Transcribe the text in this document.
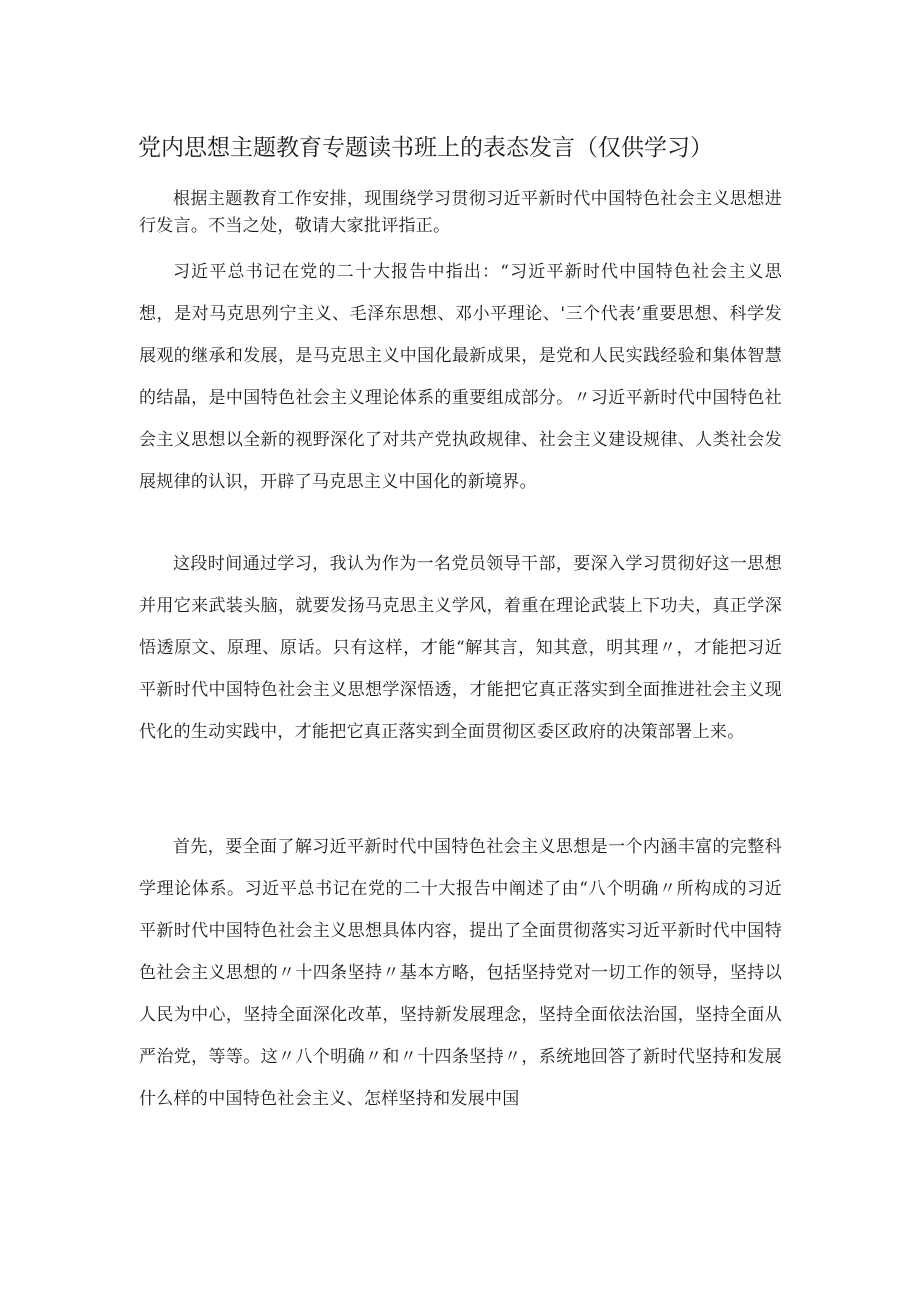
党内思想主题教育专题读书班上的表态发言（仅供学习）

根据主题教育工作安排，现围绕学习贯彻习近平新时代中国特色社会主义思想进行发言。不当之处，敬请大家批评指正。

习近平总书记在党的二十大报告中指出：“习近平新时代中国特色社会主义思想，是对马克思列宁主义、毛泽东思想、邓小平理论、'三个代表’重要思想、科学发展观的继承和发展，是马克思主义中国化最新成果，是党和人民实践经验和集体智慧的结晶，是中国特色社会主义理论体系的重要组成部分。〃习近平新时代中国特色社会主义思想以全新的视野深化了对共产党执政规律、社会主义建设规律、人类社会发展规律的认识，开辟了马克思主义中国化的新境界。

这段时间通过学习，我认为作为一名党员领导干部，要深入学习贯彻好这一思想并用它来武装头脑，就要发扬马克思主义学风，着重在理论武装上下功夫，真正学深悟透原文、原理、原话。只有这样，才能“解其言，知其意，明其理〃，才能把习近平新时代中国特色社会主义思想学深悟透，才能把它真正落实到全面推进社会主义现代化的生动实践中，才能把它真正落实到全面贯彻区委区政府的决策部署上来。

首先，要全面了解习近平新时代中国特色社会主义思想是一个内涵丰富的完整科学理论体系。习近平总书记在党的二十大报告中阐述了由“八个明确〃所构成的习近平新时代中国特色社会主义思想具体内容，提出了全面贯彻落实习近平新时代中国特色社会主义思想的〃十四条坚持〃基本方略，包括坚持党对一切工作的领导，坚持以人民为中心，坚持全面深化改革，坚持新发展理念，坚持全面依法治国，坚持全面从严治党，等等。这〃八个明确〃和〃十四条坚持〃，系统地回答了新时代坚持和发展什么样的中国特色社会主义、怎样坚持和发展中国
